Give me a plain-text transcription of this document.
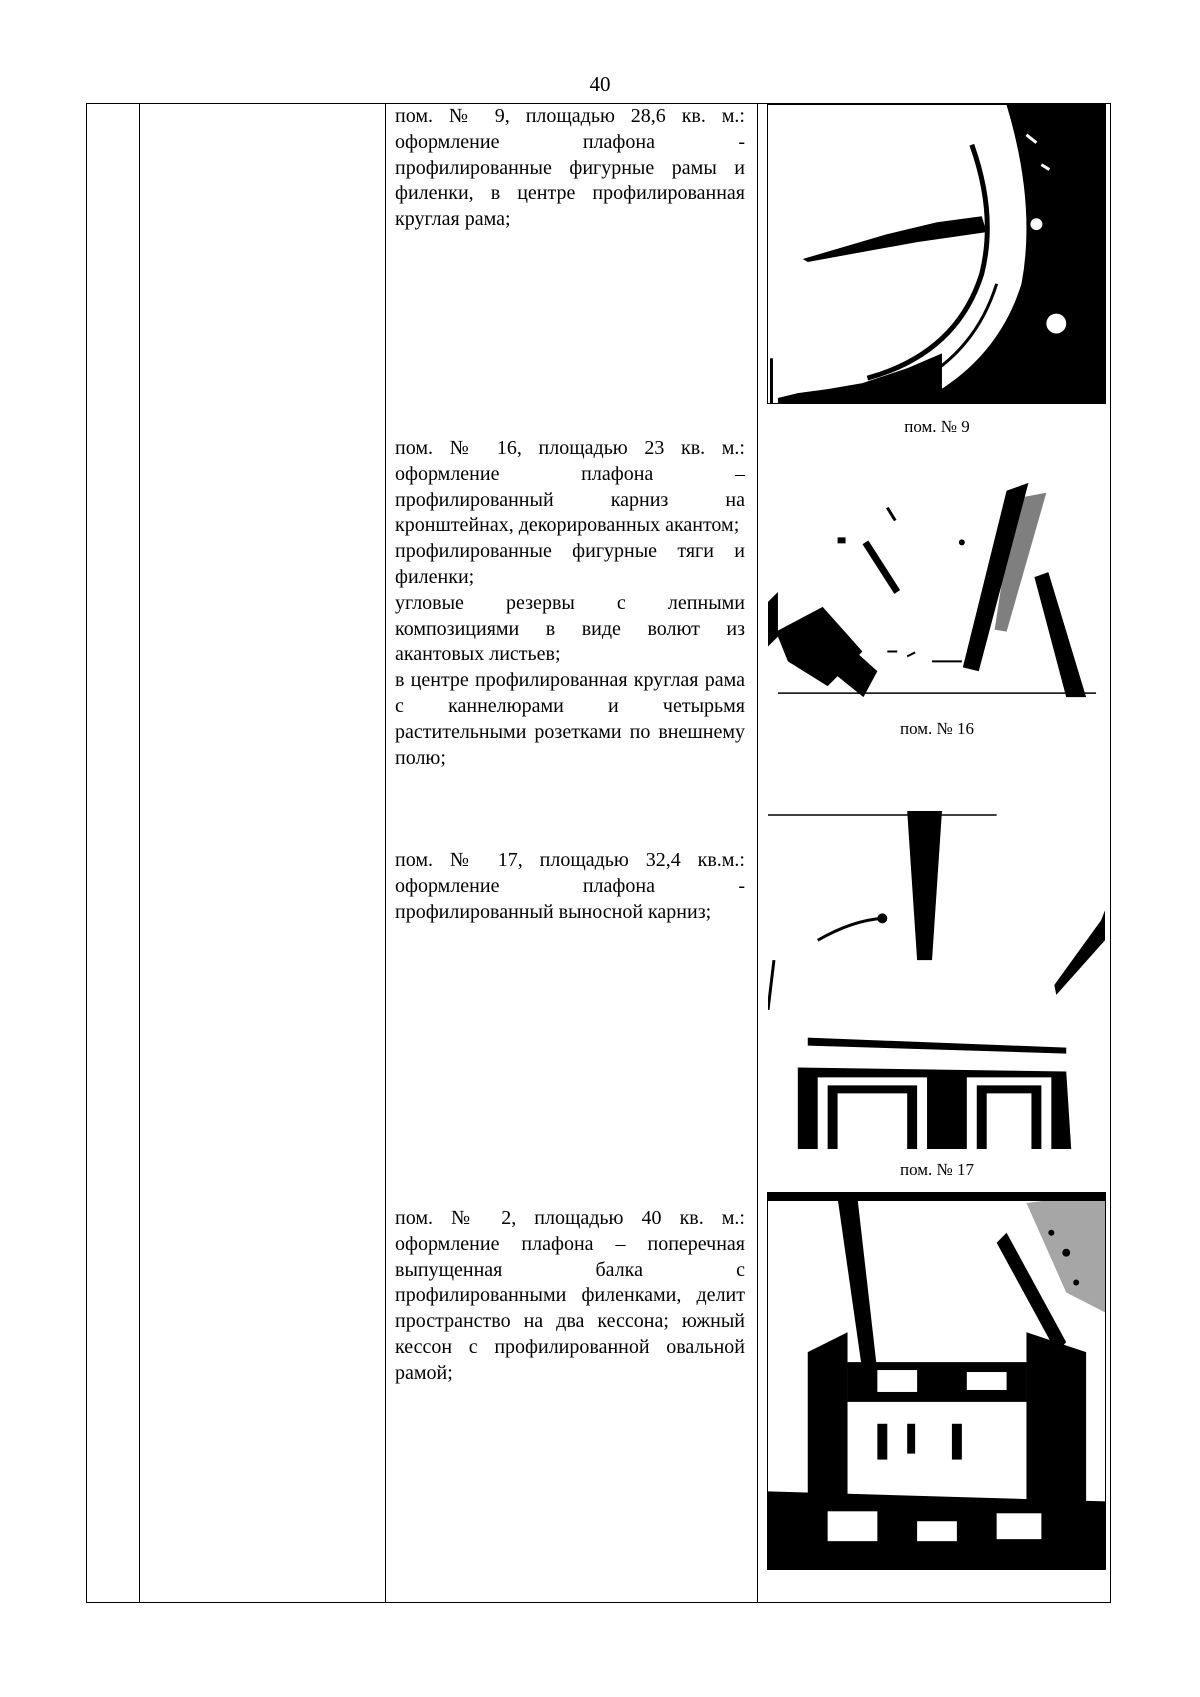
40

пом. № 9, площадью 28,6 кв. м.: оформление плафона - профилированные фигурные рамы и филенки, в центре профилированная круглая рама;

пом. № 9

пом. № 16, площадью 23 кв. м.: оформление плафона – профилированный карниз на кронштейнах, декорированных акантом;

профилированные фигурные тяги и филенки;

угловые резервы с лепными композициями в виде волют из акантовых листьев;

в центре профилированная круглая рама с каннелюрами и четырьмя растительными розетками по внешнему полю;

пом. № 16

пом. № 17, площадью 32,4 кв.м.: оформление плафона - профилированный выносной карниз;

пом. № 17

пом. № 2, площадью 40 кв. м.: оформление плафона – поперечная выпущенная балка с профилированными филенками, делит пространство на два кессона; южный кессон с профилированной овальной рамой;
